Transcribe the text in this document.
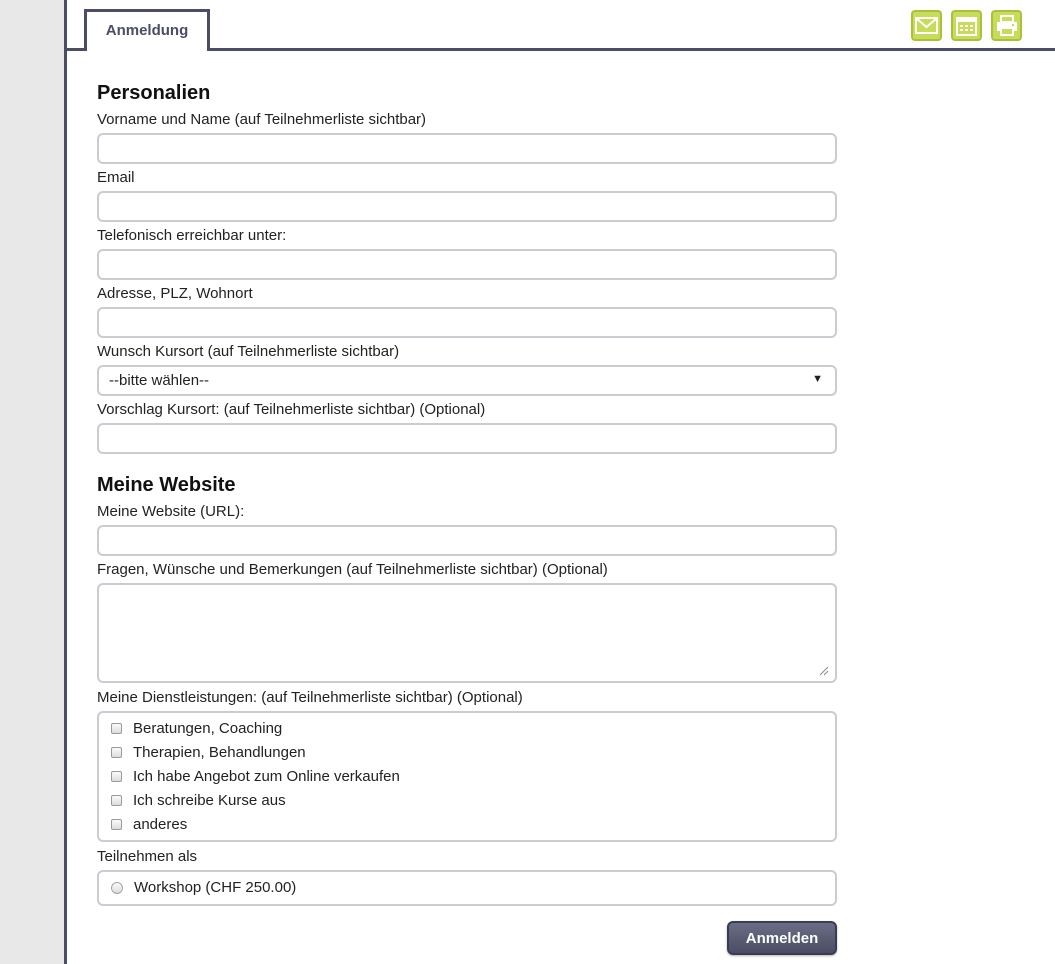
Anmeldung
Personalien
Vorname und Name (auf Teilnehmerliste sichtbar)
Email
Telefonisch erreichbar unter:
Adresse, PLZ, Wohnort
Wunsch Kursort (auf Teilnehmerliste sichtbar)
--bitte wählen--	▼
Vorschlag Kursort: (auf Teilnehmerliste sichtbar) (Optional)
Meine Website
Meine Website (URL):
Fragen, Wünsche und Bemerkungen (auf Teilnehmerliste sichtbar) (Optional)
Meine Dienstleistungen: (auf Teilnehmerliste sichtbar) (Optional)
Beratungen, Coaching
Therapien, Behandlungen
Ich habe Angebot zum Online verkaufen
Ich schreibe Kurse aus
anderes
Teilnehmen als
Workshop (CHF 250.00)
Anmelden
